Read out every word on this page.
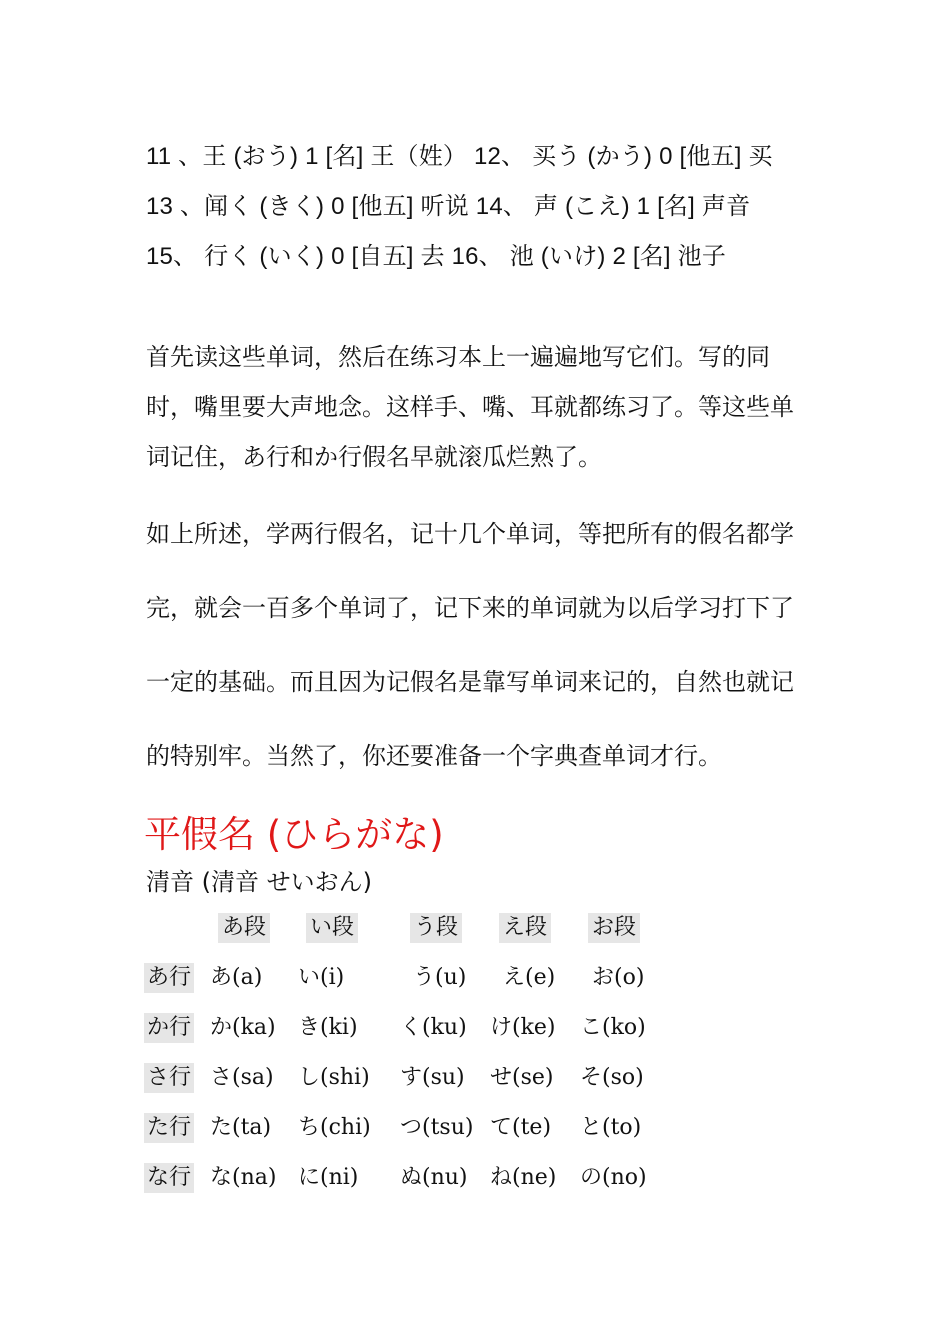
11 、王 (おう) 1 [名] 王（姓） 12、 买う (かう) 0 [他五] 买
13 、闻く (きく) 0 [他五] 听说 14、 声 (こえ) 1 [名] 声音
15、 行く (いく) 0 [自五] 去 16、 池 (いけ) 2 [名] 池子
首先读这些单词，然后在练习本上一遍遍地写它们。写的同时，嘴里要大声地念。这样手、嘴、耳就都练习了。等这些单词记住，あ行和か行假名早就滚瓜烂熟了。
如上所述，学两行假名，记十几个单词，等把所有的假名都学完，就会一百多个单词了，记下来的单词就为以后学习打下了一定的基础。而且因为记假名是靠写单词来记的，自然也就记的特别牢。当然了，你还要准备一个字典查单词才行。
平假名 (ひらがな)
清音 (清音 せいおん)
あ段 い段	う段 え段 お段
あ行 あ(a) い(i)	う(u) え(e) お(o)
か行 か(ka) き(ki) く(ku) け(ke) こ(ko)
さ行 さ(sa) し(shi) す(su) せ(se) そ(so)
た行 た(ta) ち(chi) つ(tsu) て(te) と(to)
な行 な(na) に(ni) ぬ(nu) ね(ne) の(no)
